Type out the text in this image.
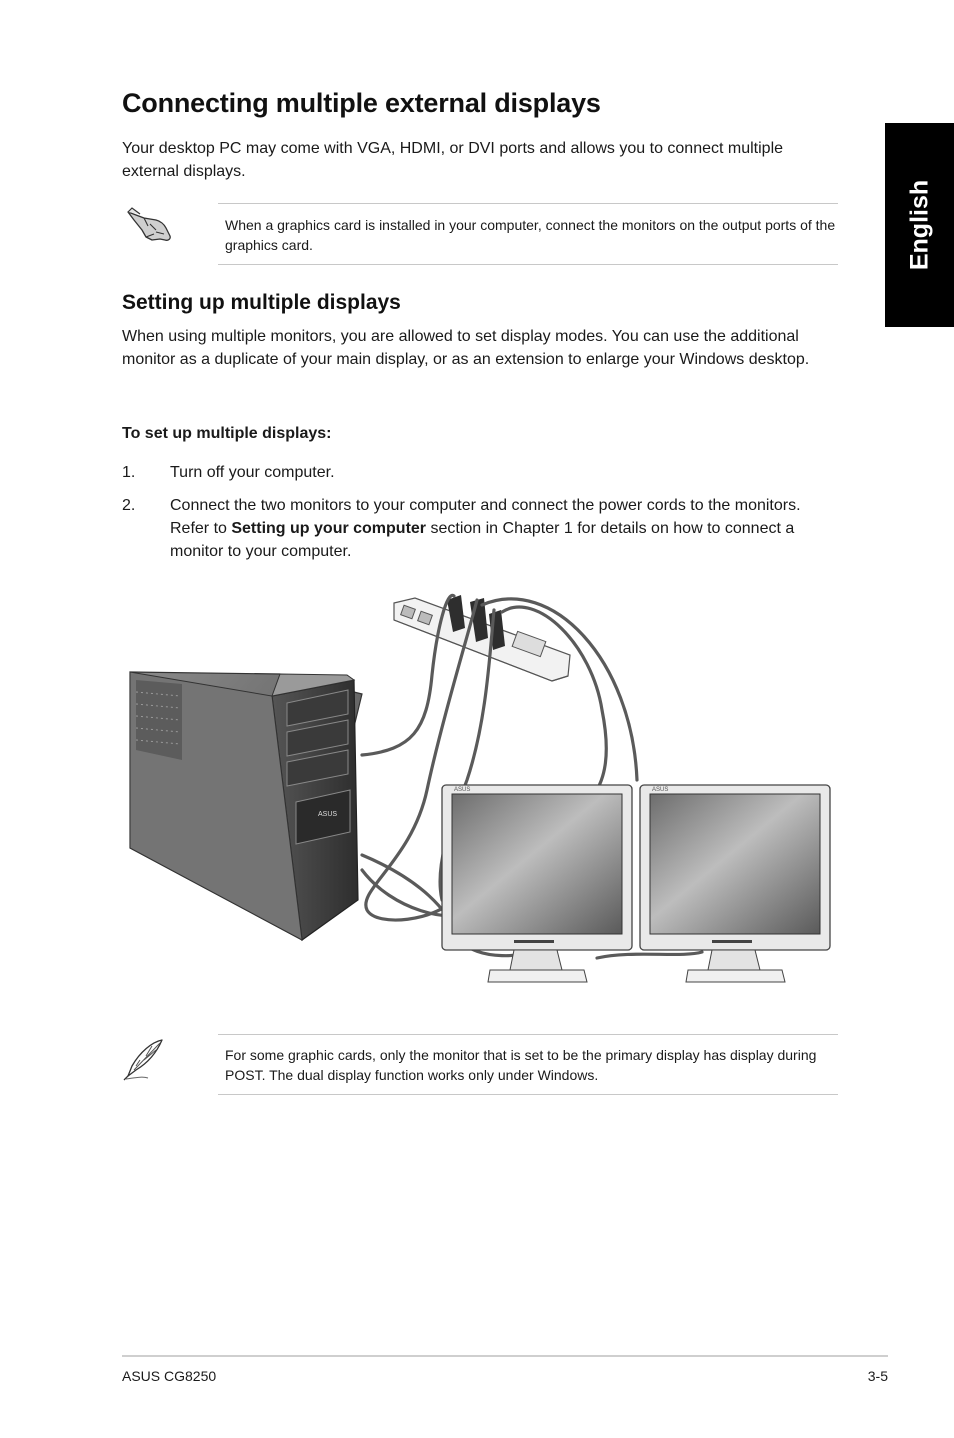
Connecting multiple external displays

Your desktop PC may come with VGA, HDMI, or DVI ports and allows you to connect multiple external displays.

English

When a graphics card is installed in your computer, connect the monitors on the output ports of the graphics card.

Setting up multiple displays

When using multiple monitors, you are allowed to set display modes. You can use the additional monitor as a duplicate of your main display, or as an extension to enlarge your Windows desktop.

To set up multiple displays:

1.	Turn off your computer.
2.	Connect the two monitors to your computer and connect the power cords to the monitors. Refer to Setting up your computer section in Chapter 1 for details on how to connect a monitor to your computer.
ASUS
ASUS	ASUS

For some graphic cards, only the monitor that is set to be the primary display has display during POST. The dual display function works only under Windows.

ASUS CG8250	3-5
